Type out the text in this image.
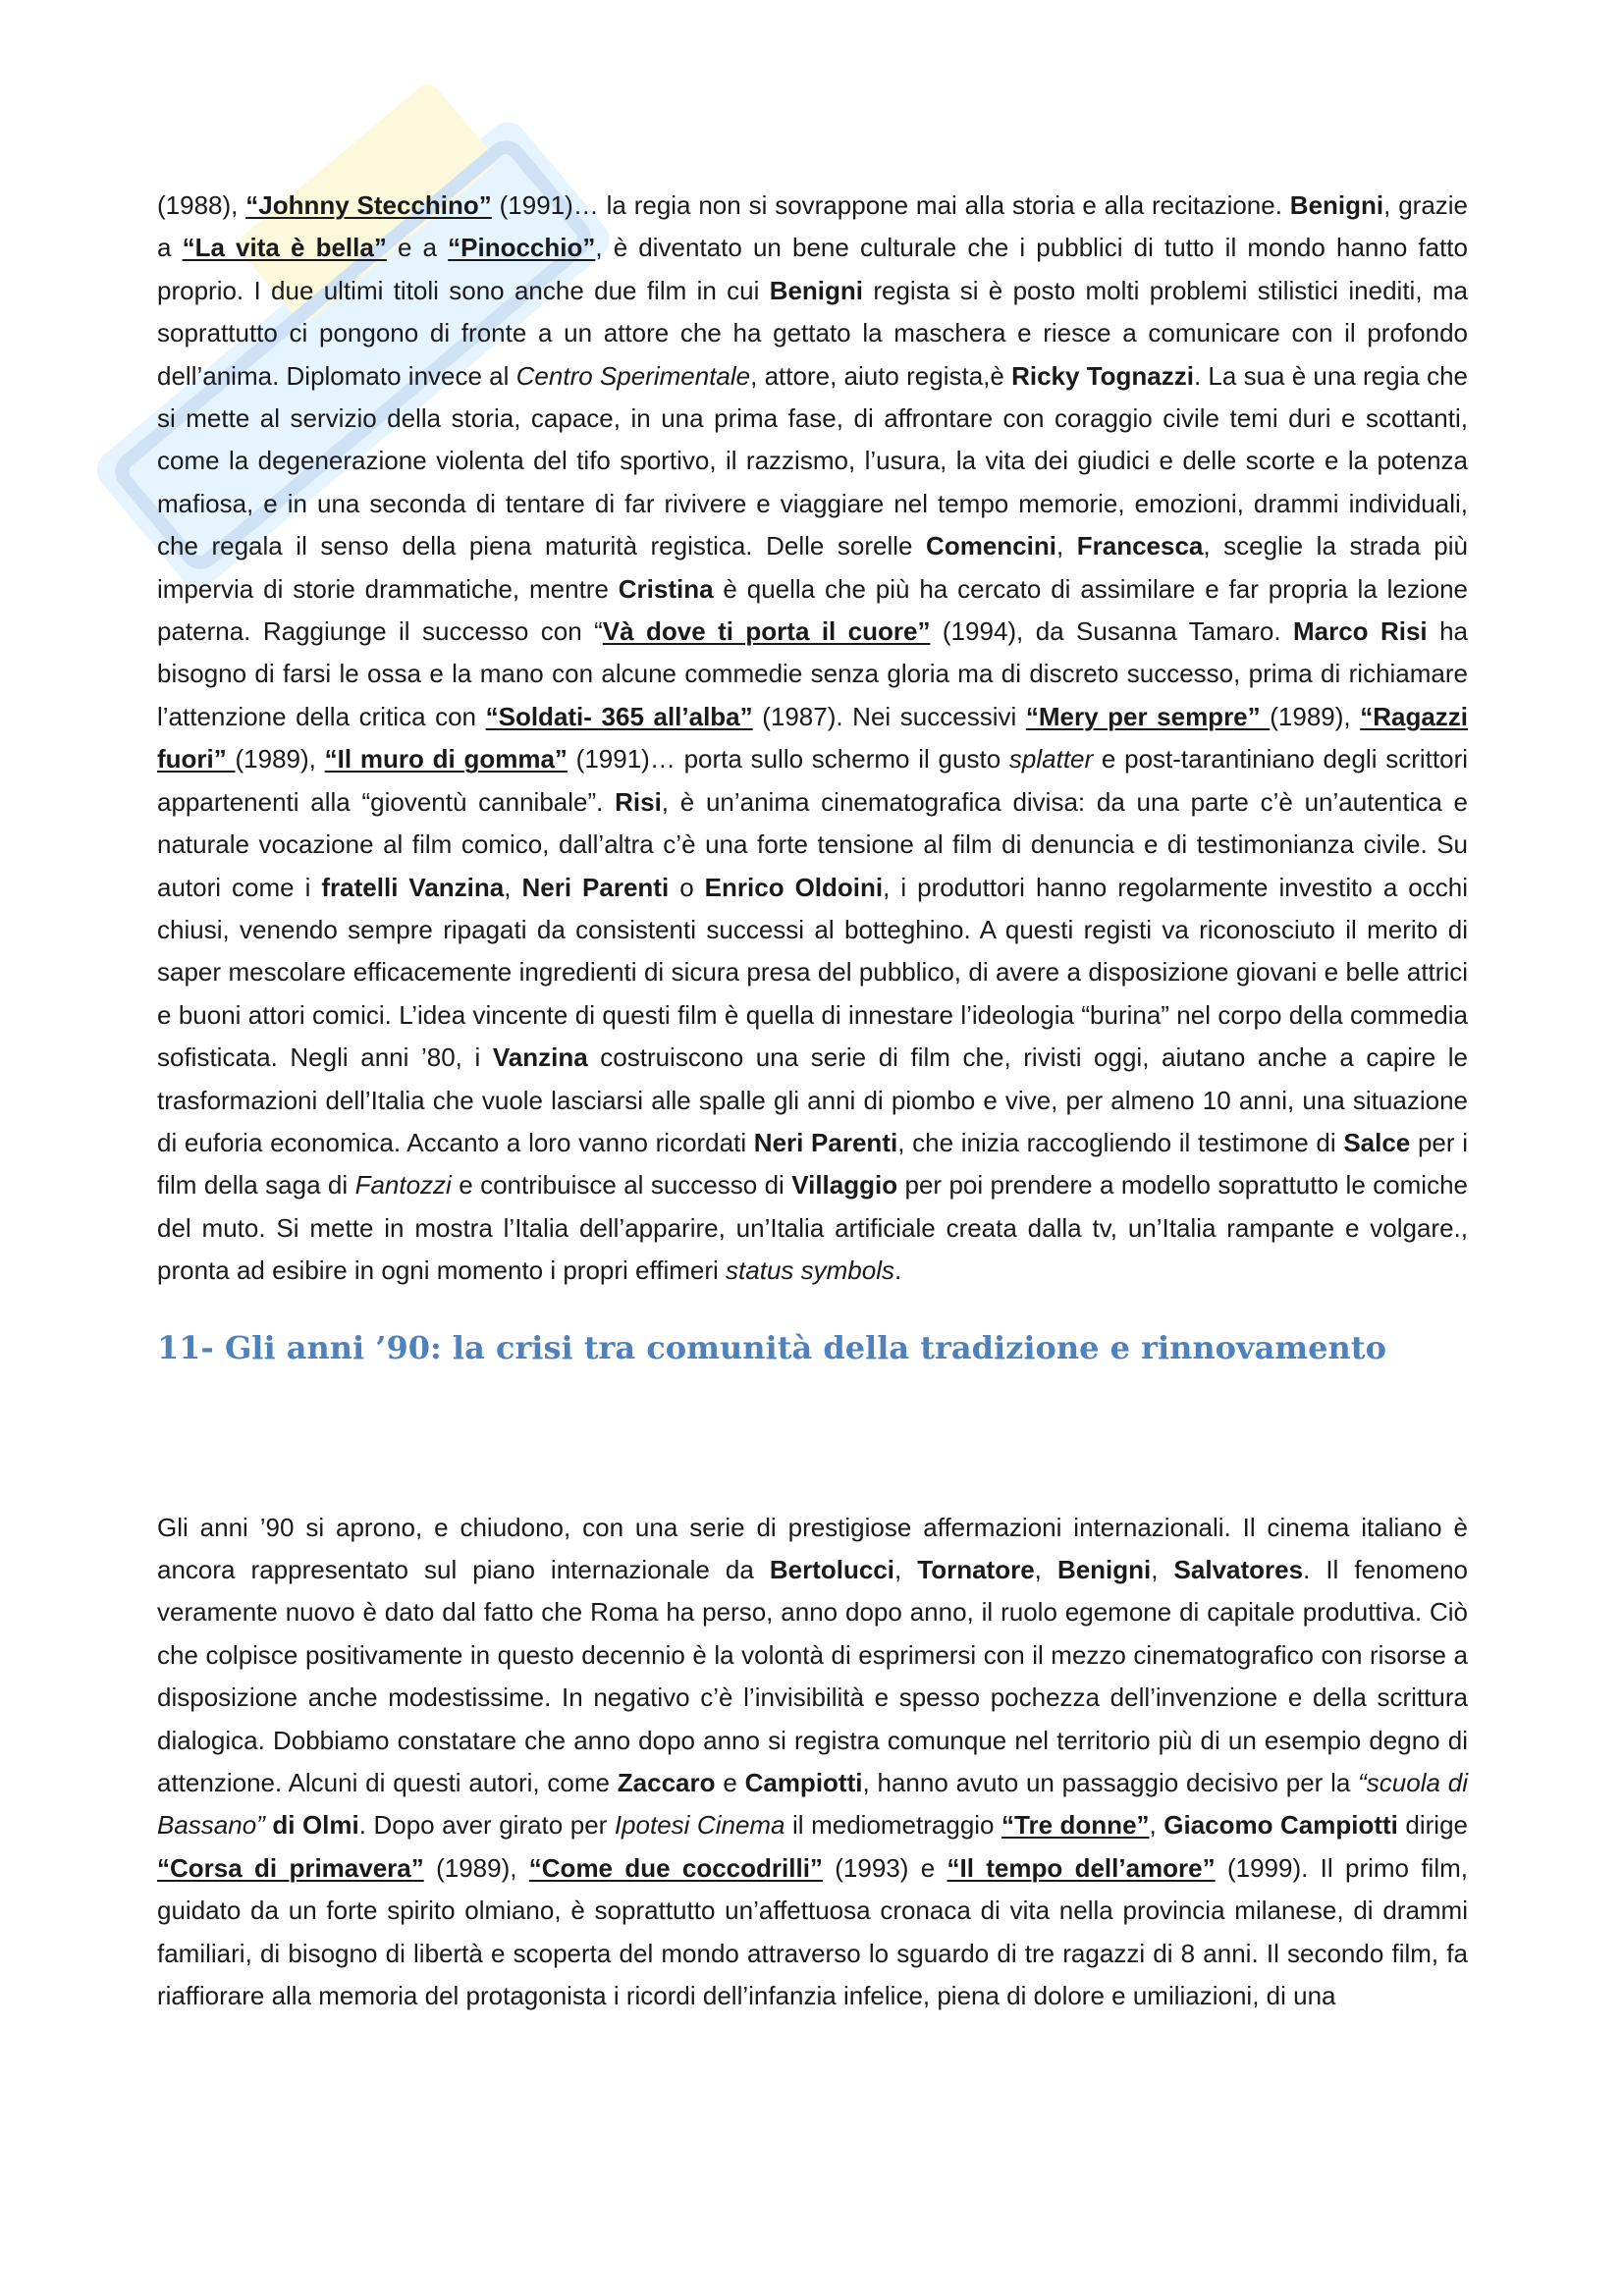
(1988), “Johnny Stecchino” (1991)… la regia non si sovrappone mai alla storia e alla recitazione. Benigni, grazie a “La vita è bella” e a “Pinocchio”, è diventato un bene culturale che i pubblici di tutto il mondo hanno fatto proprio. I due ultimi titoli sono anche due film in cui Benigni regista si è posto molti problemi stilistici inediti, ma soprattutto ci pongono di fronte a un attore che ha gettato la maschera e riesce a comunicare con il profondo dell’anima. Diplomato invece al Centro Sperimentale, attore, aiuto regista,è Ricky Tognazzi. La sua è una regia che si mette al servizio della storia, capace, in una prima fase, di affrontare con coraggio civile temi duri e scottanti, come la degenerazione violenta del tifo sportivo, il razzismo, l’usura, la vita dei giudici e delle scorte e la potenza mafiosa, e in una seconda di tentare di far rivivere e viaggiare nel tempo memorie, emozioni, drammi individuali, che regala il senso della piena maturità registica. Delle sorelle Comencini, Francesca, sceglie la strada più impervia di storie drammatiche, mentre Cristina è quella che più ha cercato di assimilare e far propria la lezione paterna. Raggiunge il successo con “Và dove ti porta il cuore” (1994), da Susanna Tamaro. Marco Risi ha bisogno di farsi le ossa e la mano con alcune commedie senza gloria ma di discreto successo, prima di richiamare l’attenzione della critica con “Soldati- 365 all’alba” (1987). Nei successivi “Mery per sempre” (1989), “Ragazzi fuori” (1989), “Il muro di gomma” (1991)… porta sullo schermo il gusto splatter e post-tarantiniano degli scrittori appartenenti alla “gioventù cannibale”. Risi, è un’anima cinematografica divisa: da una parte c’è un’autentica e naturale vocazione al film comico, dall’altra c’è una forte tensione al film di denuncia e di testimonianza civile. Su autori come i fratelli Vanzina, Neri Parenti o Enrico Oldoini, i produttori hanno regolarmente investito a occhi chiusi, venendo sempre ripagati da consistenti successi al botteghino. A questi registi va riconosciuto il merito di saper mescolare efficacemente ingredienti di sicura presa del pubblico, di avere a disposizione giovani e belle attrici e buoni attori comici. L’idea vincente di questi film è quella di innestare l’ideologia “burina” nel corpo della commedia sofisticata. Negli anni ’80, i Vanzina costruiscono una serie di film che, rivisti oggi, aiutano anche a capire le trasformazioni dell’Italia che vuole lasciarsi alle spalle gli anni di piombo e vive, per almeno 10 anni, una situazione di euforia economica. Accanto a loro vanno ricordati Neri Parenti, che inizia raccogliendo il testimone di Salce per i film della saga di Fantozzi e contribuisce al successo di Villaggio per poi prendere a modello soprattutto le comiche del muto. Si mette in mostra l’Italia dell’apparire, un’Italia artificiale creata dalla tv, un’Italia rampante e volgare., pronta ad esibire in ogni momento i propri effimeri status symbols.

11- Gli anni ’90: la crisi tra comunità della tradizione e rinnovamento

Gli anni ’90 si aprono, e chiudono, con una serie di prestigiose affermazioni internazionali. Il cinema italiano è ancora rappresentato sul piano internazionale da Bertolucci, Tornatore, Benigni, Salvatores. Il fenomeno veramente nuovo è dato dal fatto che Roma ha perso, anno dopo anno, il ruolo egemone di capitale produttiva. Ciò che colpisce positivamente in questo decennio è la volontà di esprimersi con il mezzo cinematografico con risorse a disposizione anche modestissime. In negativo c’è l’invisibilità e spesso pochezza dell’invenzione e della scrittura dialogica. Dobbiamo constatare che anno dopo anno si registra comunque nel territorio più di un esempio degno di attenzione. Alcuni di questi autori, come Zaccaro e Campiotti, hanno avuto un passaggio decisivo per la “scuola di Bassano” di Olmi. Dopo aver girato per Ipotesi Cinema il mediometraggio “Tre donne”, Giacomo Campiotti dirige “Corsa di primavera” (1989), “Come due coccodrilli” (1993) e “Il tempo dell’amore” (1999). Il primo film, guidato da un forte spirito olmiano, è soprattutto un’affettuosa cronaca di vita nella provincia milanese, di drammi familiari, di bisogno di libertà e scoperta del mondo attraverso lo sguardo di tre ragazzi di 8 anni. Il secondo film, fa riaffiorare alla memoria del protagonista i ricordi dell’infanzia infelice, piena di dolore e umiliazioni, di una
